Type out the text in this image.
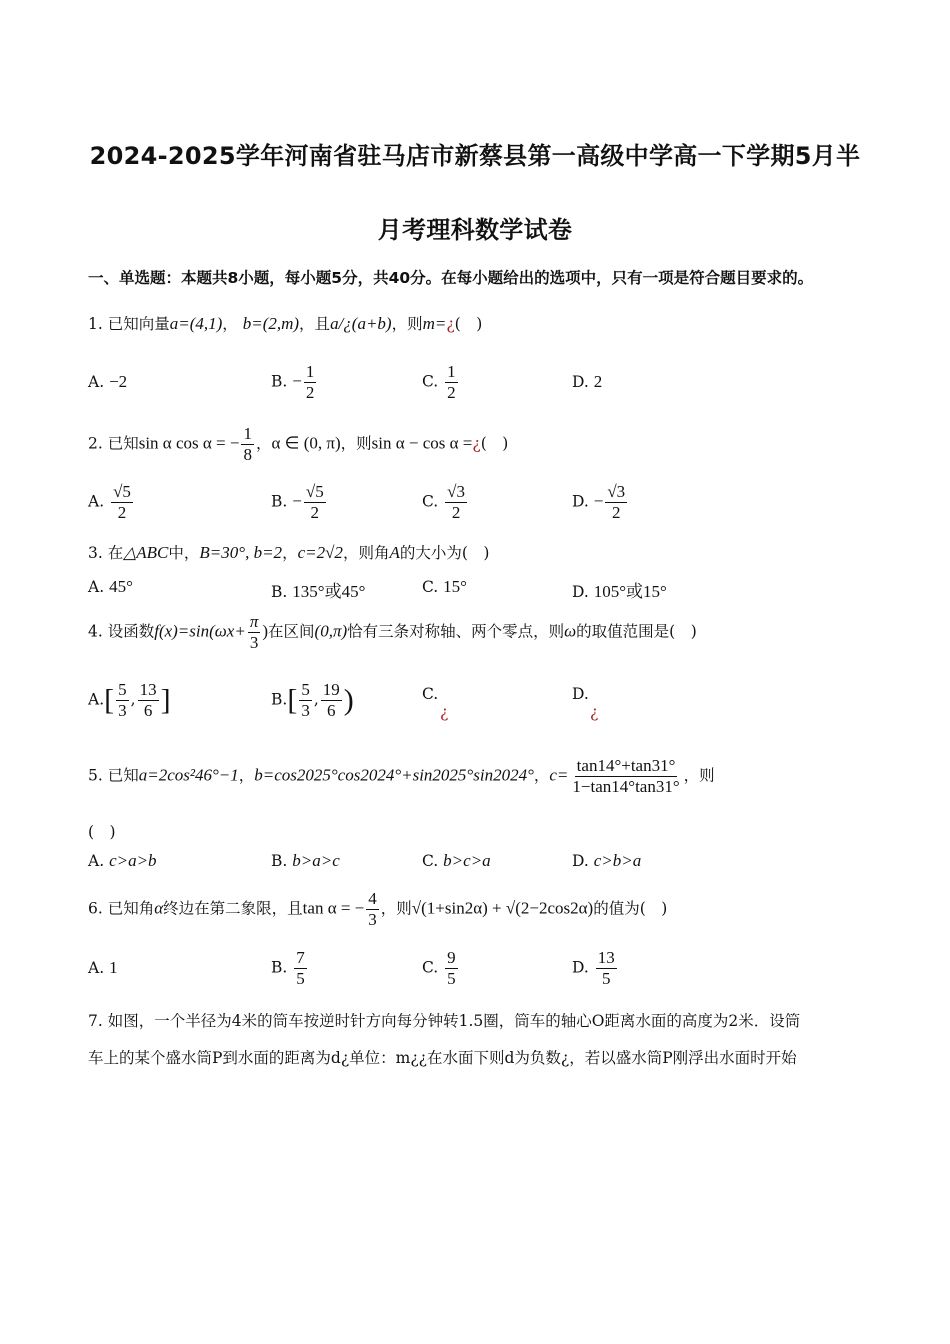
2024-2025学年河南省驻马店市新蔡县第一高级中学高一下学期5月半
月考理科数学试卷
一、单选题：本题共8小题，每小题5分，共40分。在每小题给出的选项中，只有一项是符合题目要求的。
1. 已知向量a=(4,1)， b=(2,m)，且a/¿(a+b)，则m=¿(　)
A. −2	B. − $\frac{1}{2}$	C. $\frac{1}{2}$	D. 2
2. 已知sin α cos α = − $\frac{1}{8}$ ，α ∈ (0, π)，则sin α − cos α =¿(　)
A. $\frac{√5}{2}$	B. − $\frac{√5}{2}$	C. $\frac{√3}{2}$	D. − $\frac{√3}{2}$
3. 在△ABC中，B=30°, b=2，c=2√2，则角A的大小为(　)
A. 45°	B. 135°或45°	C. 15°	D. 105°或15°
4. 设函数$f(x)=\sin(\omega x+ \frac{\pi}{3}$ )在区间(0,π)恰有三条对称轴、两个零点，则ω的取值范围是(　)
$A.[ \frac{5}{3}$ , $\frac{13}{6}$ ]	$B.[ \frac{5}{3}$ , $\frac{19}{6}$ )	C.
¿
D.
¿
5. 已知a=2cos²46°−1，b=cos2025°cos2024°+sin2025°sin2024°，$c= \frac{\tan 14^\circ+\tan 31^\circ}{1-\tan 14^\circ\tan 31^\circ}$ ，则
(　)
A. c>a>b	B. b>a>c	C. b>c>a	D. c>b>a
6. 已知角α终边在第二象限，且tan α = − $\frac{4}{3}$ ，则√(1+sin2α) + √(2−2cos2α)的值为(　)
A. 1	B. $\frac{7}{5}$	C. $\frac{9}{5}$	D. $\frac{13}{5}$
7. 如图，一个半径为4米的筒车按逆时针方向每分钟转1.5圈，筒车的轴心O距离水面的高度为2米．设筒
车上的某个盛水筒P到水面的距离为d¿单位：m¿¿在水面下则d为负数¿，若以盛水筒P刚浮出水面时开始
